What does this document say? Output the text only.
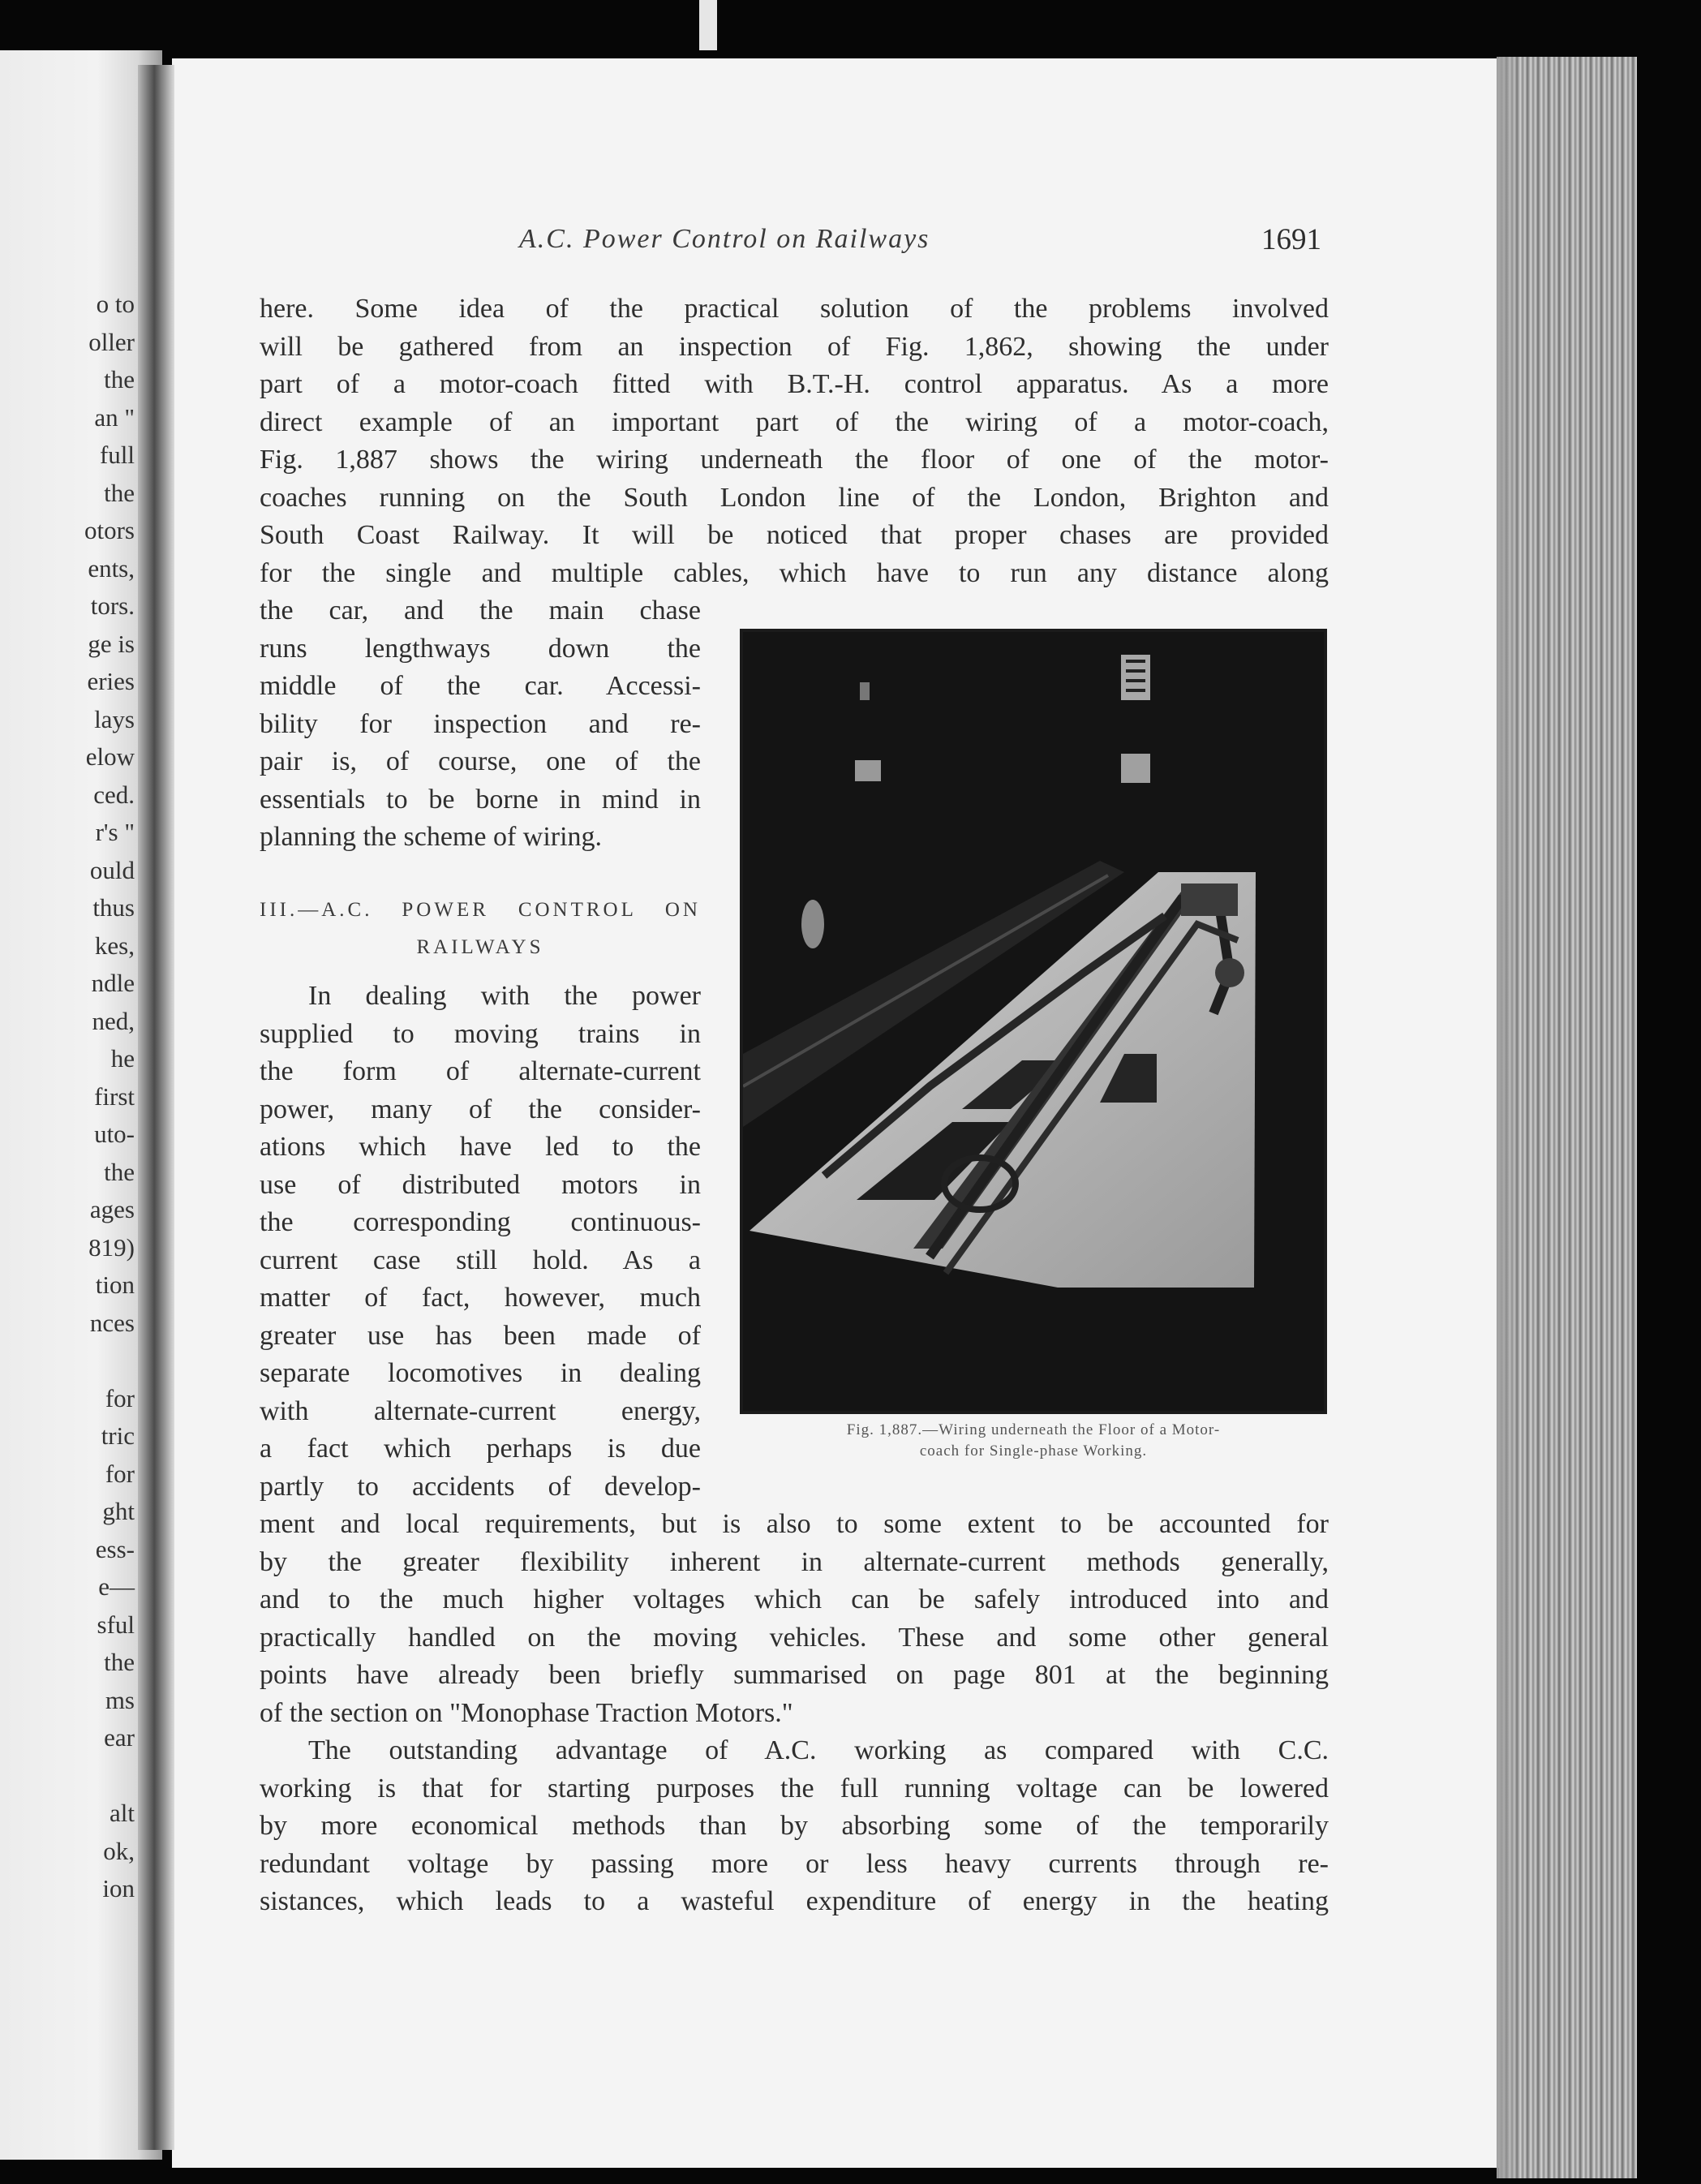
o to
oller
the
an "
full
the
otors
ents,
tors.
ge is
eries
lays
elow
ced.
r's "
ould
thus
kes,
ndle
ned,
he
first
uto-
the
ages
819)
tion
nces
for
tric
for
ght
ess-
e—
sful
the
ms
ear
alt
ok,
ion
A.C. Power Control on Railways	1691
here. Some idea of the practical solution of the problems involved
will be gathered from an inspection of Fig. 1,862, showing the under
part of a motor-coach fitted with B.T.-H. control apparatus. As a more
direct example of an important part of the wiring of a motor-coach,
Fig. 1,887 shows the wiring underneath the floor of one of the motor-
coaches running on the South London line of the London, Brighton and
South Coast Railway. It will be noticed that proper chases are provided
for the single and multiple cables, which have to run any distance along
the car, and the main chase
runs lengthways down the
middle of the car. Accessi-
bility for inspection and re-
pair is, of course, one of the
essentials to be borne in mind in
planning the scheme of wiring.
III.—A.C. POWER CONTROL ON
RAILWAYS
In dealing with the power
supplied to moving trains in
the form of alternate-current
power, many of the consider-
ations which have led to the
use of distributed motors in
the corresponding continuous-
current case still hold. As a
matter of fact, however, much
greater use has been made of
separate locomotives in dealing
with alternate-current energy,
a fact which perhaps is due
partly to accidents of develop-
ment and local requirements, but is also to some extent to be accounted for
by the greater flexibility inherent in alternate-current methods generally,
and to the much higher voltages which can be safely introduced into and
practically handled on the moving vehicles. These and some other general
points have already been briefly summarised on page 801 at the beginning
of the section on "Monophase Traction Motors."
The outstanding advantage of A.C. working as compared with C.C.
working is that for starting purposes the full running voltage can be lowered
by more economical methods than by absorbing some of the temporarily
redundant voltage by passing more or less heavy currents through re-
sistances, which leads to a wasteful expenditure of energy in the heating
Fig. 1,887.—Wiring underneath the Floor of a Motor-
coach for Single-phase Working.
